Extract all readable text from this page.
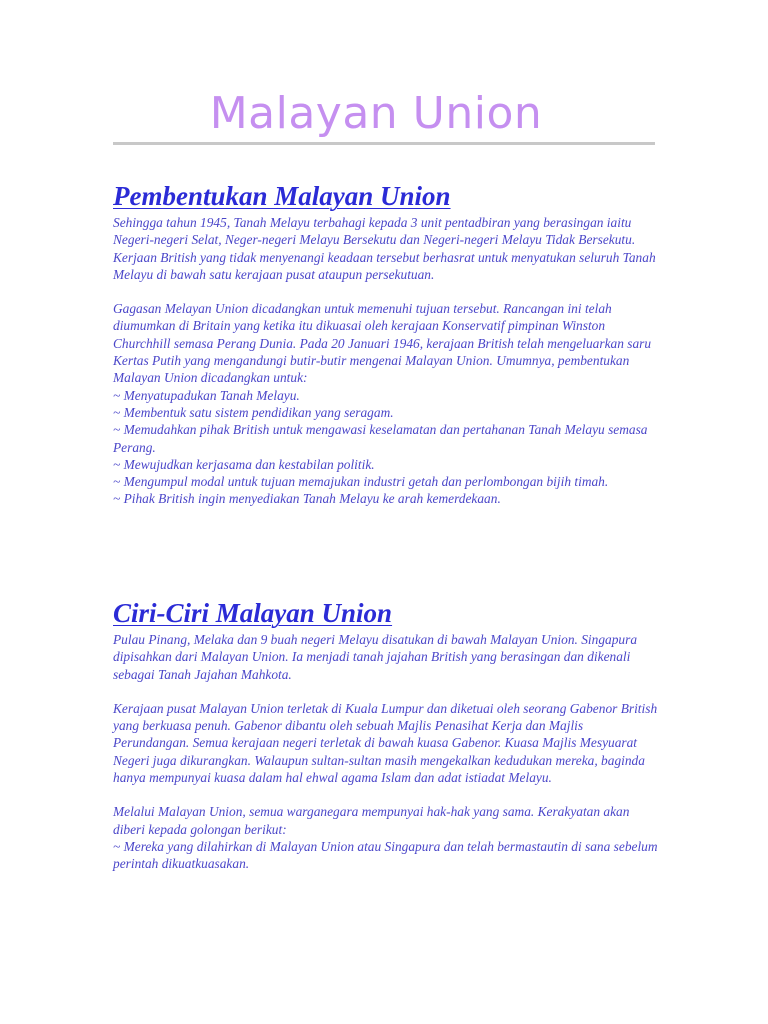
Malayan Union
Pembentukan Malayan Union

Sehingga tahun 1945, Tanah Melayu terbahagi kepada 3 unit pentadbiran yang berasingan iaitu Negeri-negeri Selat, Neger-negeri Melayu Bersekutu dan Negeri-negeri Melayu Tidak Bersekutu. Kerjaan British yang tidak menyenangi keadaan tersebut berhasrat untuk menyatukan seluruh Tanah Melayu di bawah satu kerajaan pusat ataupun persekutuan.

Gagasan Melayan Union dicadangkan untuk memenuhi tujuan tersebut. Rancangan ini telah diumumkan di Britain yang ketika itu dikuasai oleh kerajaan Konservatif pimpinan Winston Churchhill semasa Perang Dunia. Pada 20 Januari 1946, kerajaan British telah mengeluarkan saru Kertas Putih yang mengandungi butir-butir mengenai Malayan Union. Umumnya, pembentukan Malayan Union dicadangkan untuk:
~ Menyatupadukan Tanah Melayu.
~ Membentuk satu sistem pendidikan yang seragam.
~ Memudahkan pihak British untuk mengawasi keselamatan dan pertahanan Tanah Melayu semasa Perang.
~ Mewujudkan kerjasama dan kestabilan politik.
~ Mengumpul modal untuk tujuan memajukan industri getah dan perlombongan bijih timah.
~ Pihak British ingin menyediakan Tanah Melayu ke arah kemerdekaan.

Ciri-Ciri Malayan Union

Pulau Pinang, Melaka dan 9 buah negeri Melayu disatukan di bawah Malayan Union. Singapura dipisahkan dari Malayan Union. Ia menjadi tanah jajahan British yang berasingan dan dikenali sebagai Tanah Jajahan Mahkota.

Kerajaan pusat Malayan Union terletak di Kuala Lumpur dan diketuai oleh seorang Gabenor British yang berkuasa penuh. Gabenor dibantu oleh sebuah Majlis Penasihat Kerja dan Majlis Perundangan. Semua kerajaan negeri terletak di bawah kuasa Gabenor. Kuasa Majlis Mesyuarat Negeri juga dikurangkan. Walaupun sultan-sultan masih mengekalkan kedudukan mereka, baginda hanya mempunyai kuasa dalam hal ehwal agama Islam dan adat istiadat Melayu.

Melalui Malayan Union, semua warganegara mempunyai hak-hak yang sama. Kerakyatan akan diberi kepada golongan berikut:
~ Mereka yang dilahirkan di Malayan Union atau Singapura dan telah bermastautin di sana sebelum perintah dikuatkuasakan.
